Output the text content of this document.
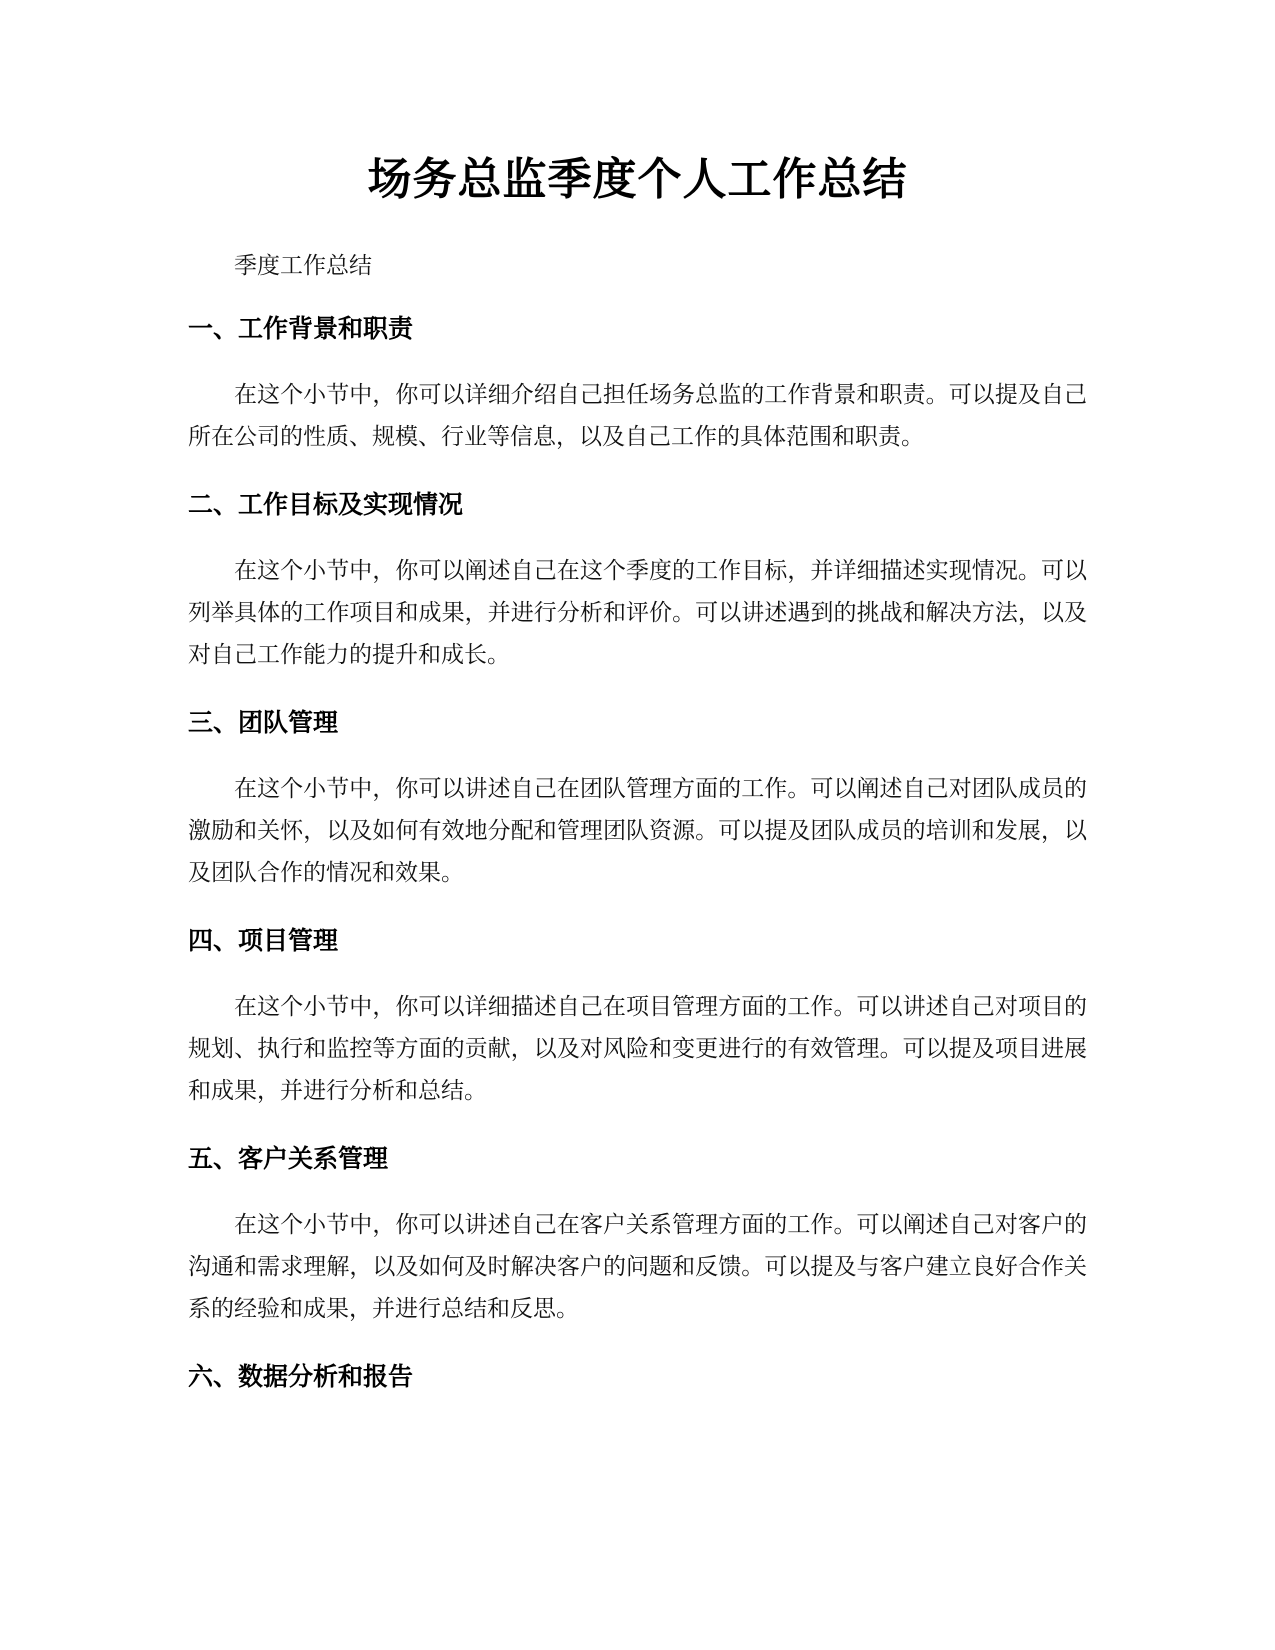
场务总监季度个人工作总结

季度工作总结

一、工作背景和职责

在这个小节中，你可以详细介绍自己担任场务总监的工作背景和职责。可以提及自己所在公司的性质、规模、行业等信息，以及自己工作的具体范围和职责。

二、工作目标及实现情况

在这个小节中，你可以阐述自己在这个季度的工作目标，并详细描述实现情况。可以列举具体的工作项目和成果，并进行分析和评价。可以讲述遇到的挑战和解决方法，以及对自己工作能力的提升和成长。

三、团队管理

在这个小节中，你可以讲述自己在团队管理方面的工作。可以阐述自己对团队成员的激励和关怀，以及如何有效地分配和管理团队资源。可以提及团队成员的培训和发展，以及团队合作的情况和效果。

四、项目管理

在这个小节中，你可以详细描述自己在项目管理方面的工作。可以讲述自己对项目的规划、执行和监控等方面的贡献，以及对风险和变更进行的有效管理。可以提及项目进展和成果，并进行分析和总结。

五、客户关系管理

在这个小节中，你可以讲述自己在客户关系管理方面的工作。可以阐述自己对客户的沟通和需求理解，以及如何及时解决客户的问题和反馈。可以提及与客户建立良好合作关系的经验和成果，并进行总结和反思。

六、数据分析和报告
